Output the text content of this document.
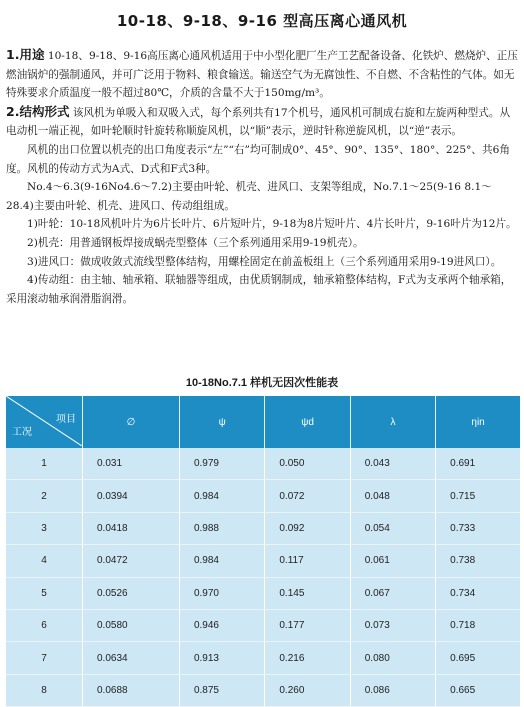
10-18、9-18、9-16 型高压离心通风机

1.用途 10-18、9-18、9-16高压离心通风机适用于中小型化肥厂生产工艺配备设备、化铁炉、燃烧炉、正压燃油锅炉的强制通风，并可广泛用于物料、粮食输送。输送空气为无腐蚀性、不自燃、不含粘性的气体。如无特殊要求介质温度一般不超过80℃，介质的含量不大于150mg/m³。

2.结构形式 该风机为单吸入和双吸入式，每个系列共有17个机号，通风机可制成右旋和左旋两种型式。从电动机一端正视，如叶轮顺时针旋转称顺旋风机，以“顺”表示，逆时针称逆旋风机，以“逆”表示。

风机的出口位置以机壳的出口角度表示“左”“右”均可制成0°、45°、90°、135°、180°、225°、共6角度。风机的传动方式为A式、D式和F式3种。

No.4～6.3(9-16No4.6～7.2)主要由叶轮、机壳、进风口、支架等组成，No.7.1～25(9-16 8.1～28.4)主要由叶轮、机壳、进风口、传动组组成。

1)叶轮：10-18风机叶片为6片长叶片、6片短叶片，9-18为8片短叶片、4片长叶片，9-16叶片为12片。

2)机壳：用普通钢板焊接成蜗壳型整体（三个系列通用采用9-19机壳）。

3)进风口：做成收敛式流线型整体结构，用螺栓固定在前盖板组上（三个系列通用采用9-19进风口）。

4)传动组：由主轴、轴承箱、联轴器等组成，由优质钢制成，轴承箱整体结构，F式为支承两个轴承箱，采用滚动轴承润滑脂润滑。

10-18No.7.1 样机无因次性能表
项目
工况	∅	ψ	ψd	λ	ηin
1	0.031	0.979	0.050	0.043	0.691
2	0.0394	0.984	0.072	0.048	0.715
3	0.0418	0.988	0.092	0.054	0.733
4	0.0472	0.984	0.117	0.061	0.738
5	0.0526	0.970	0.145	0.067	0.734
6	0.0580	0.946	0.177	0.073	0.718
7	0.0634	0.913	0.216	0.080	0.695
8	0.0688	0.875	0.260	0.086	0.665
